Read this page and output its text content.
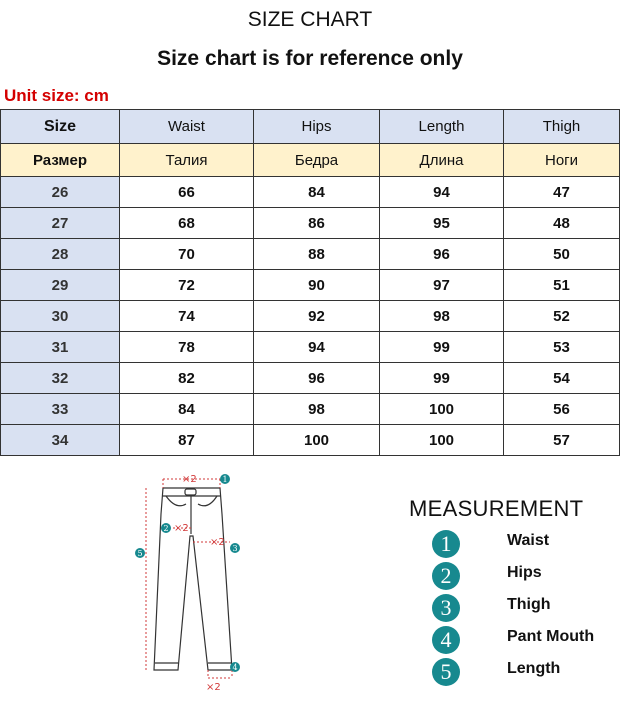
SIZE CHART
Size chart is for reference only
Unit size: cm
Size	Waist	Hips	Length	Thigh
Размер	Талия	Бедра	Длина	Ноги
26	66	84	94	47
27	68	86	95	48
28	70	88	96	50
29	72	90	97	51
30	74	92	98	52
31	78	94	99	53
32	82	96	99	54
33	84	98	100	56
34	87	100	100	57
×2
×2
×2
×2
1
2
3
4
5
MEASUREMENT
1	Waist
2	Hips
3	Thigh
4	Pant Mouth
5	Length
